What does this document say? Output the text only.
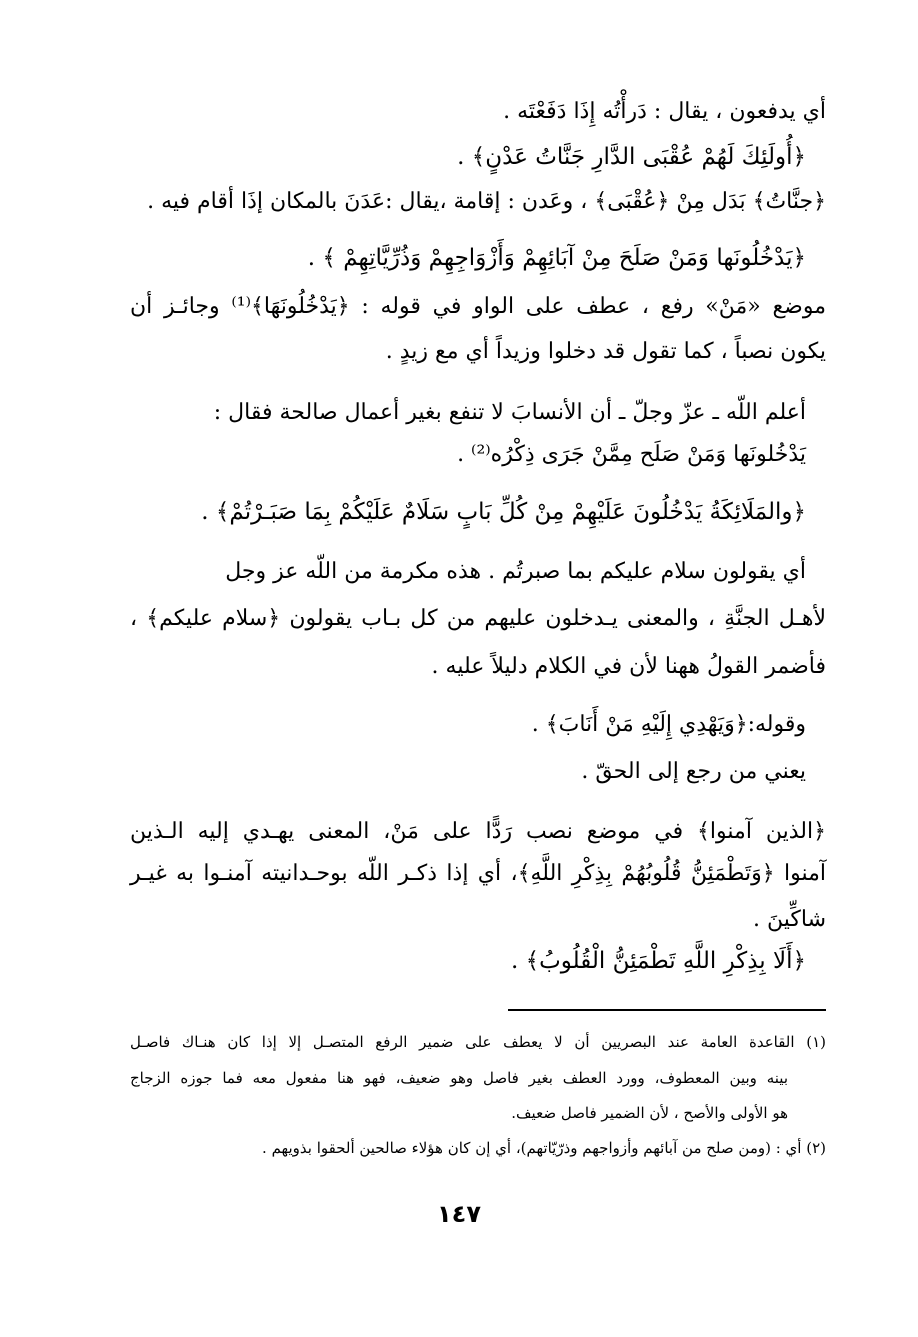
أي يدفعون ، يقال : دَرأْتُه إِذَا دَفَعْتَه .
﴿أُولَئِكَ لَهُمْ عُقْبَى الدَّارِ جَنَّاتُ عَدْنٍ﴾ .
﴿جنَّاتُ﴾ بَدَل مِنْ ﴿عُقْبَى﴾ ، وعَدن : إقامة ،يقال :عَدَنَ بالمكان إذَا أقام فيه .
﴿يَدْخُلُونَها وَمَنْ صَلَحَ مِنْ آبَائِهِمْ وَأَزْوَاجِهِمْ وَذُرِّيَّاتِهِمْ ﴾ .
موضع «مَنْ» رفع ، عطف على الواو في قوله : ﴿يَدْخُلُونَهَا﴾⁽¹⁾ وجائـز أن
يكون نصباً ، كما تقول قد دخلوا وزيداً أي مع زيدٍ .
أعلم اللّه ـ عزّ وجلّ ـ أن الأنسابَ لا تنفع بغير أعمال صالحة فقال :
يَدْخُلونَها وَمَنْ صَلَح مِمَّنْ جَرَى ذِكْرُه⁽²⁾ .
﴿والمَلَائِكَةُ يَدْخُلُونَ عَلَيْهِمْ مِنْ كُلِّ بَابٍ سَلَامٌ عَلَيْكُمْ بِمَا صَبَـرْتُمْ﴾ .
أي يقولون سلام عليكم بما صبرتُم . هذه مكرمة من اللّه عز وجل
لأهـل الجنَّةِ ، والمعنى يـدخلون عليهم من كل بـاب يقولون ﴿سلام عليكم﴾ ،
فأضمر القولُ ههنا لأن في الكلام دليلاً عليه .
وقوله:﴿وَيَهْدِي إِلَيْهِ مَنْ أَنَابَ﴾ .
يعني من رجع إلى الحقّ .
﴿الذين آمنوا﴾ في موضع نصب رَدًّا على مَنْ، المعنى يهـدي إليه الـذين
آمنوا ﴿وَتَطْمَئِنُّ قُلُوبُهُمْ بِذِكْرِ اللَّهِ﴾، أي إذا ذكـر اللّه بوحـدانيته آمنـوا به غيـر
شاكِّينَ .
﴿أَلَا بِذِكْرِ اللَّهِ تَطْمَئِنُّ الْقُلُوبُ﴾ .
(١) القاعدة العامة عند البصريين أن لا يعطف على ضمير الرفع المتصـل إلا إذا كان هنـاك فاصـل
بينه وبين المعطوف، وورد العطف بغير فاصل وهو ضعيف، فهو هنا مفعول معه فما جوزه الزجاج
هو الأولى والأصح ، لأن الضمير فاصل ضعيف.
(٢) أي : (ومن صلح من آبائهم وأزواجهم وذرّيّاتهم)، أي إن كان هؤلاء صالحين ألحقوا بذويهم .
١٤٧
